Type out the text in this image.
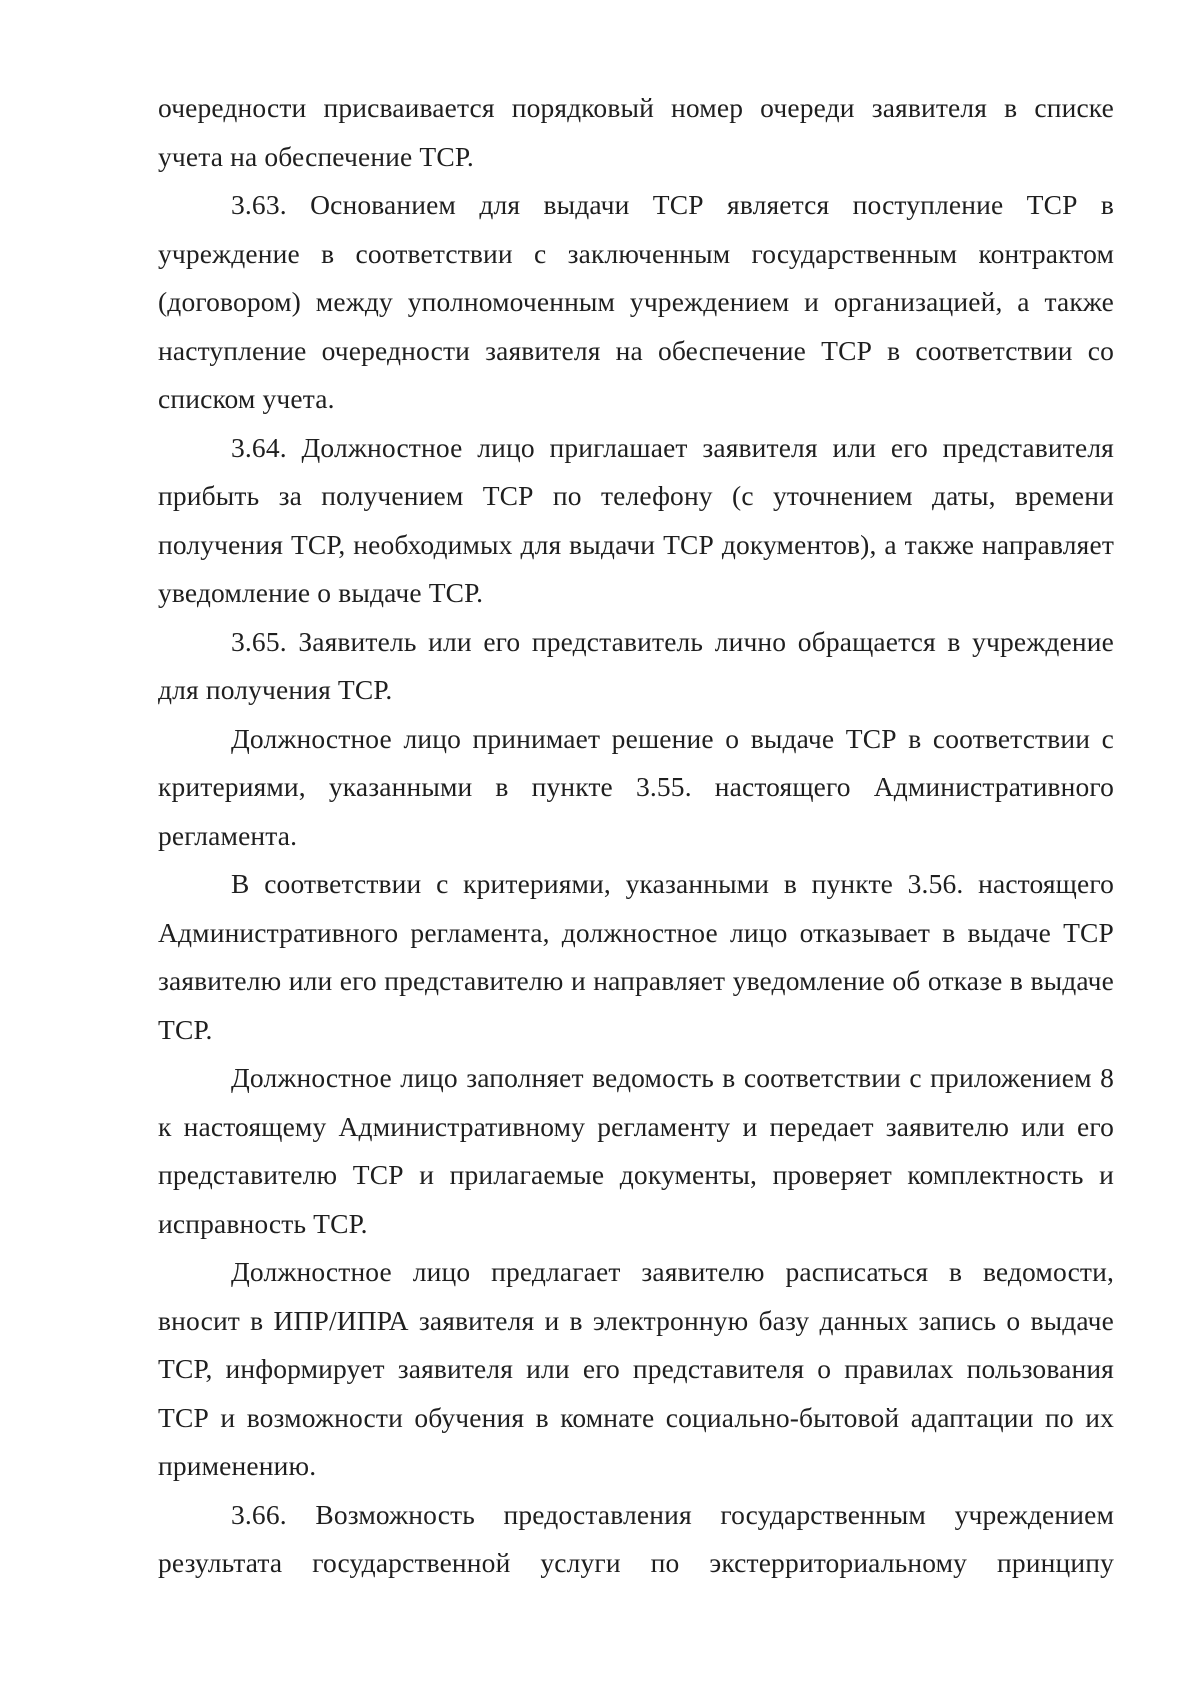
очередности присваивается порядковый номер очереди заявителя в списке учета на обеспечение ТСР.

3.63. Основанием для выдачи ТСР является поступление ТСР в учреждение в соответствии с заключенным государственным контрактом (договором) между уполномоченным учреждением и организацией, а также наступление очередности заявителя на обеспечение ТСР в соответствии со списком учета.

3.64. Должностное лицо приглашает заявителя или его представителя прибыть за получением ТСР по телефону (с уточнением даты, времени получения ТСР, необходимых для выдачи ТСР документов), а также направляет уведомление о выдаче ТСР.

3.65. Заявитель или его представитель лично обращается в учреждение для получения ТСР.

Должностное лицо принимает решение о выдаче ТСР в соответствии с критериями, указанными в пункте 3.55. настоящего Административного регламента.

В соответствии с критериями, указанными в пункте 3.56. настоящего Административного регламента, должностное лицо отказывает в выдаче ТСР заявителю или его представителю и направляет уведомление об отказе в выдаче ТСР.

Должностное лицо заполняет ведомость в соответствии с приложением 8 к настоящему Административному регламенту и передает заявителю или его представителю ТСР и прилагаемые документы, проверяет комплектность и исправность ТСР.

Должностное лицо предлагает заявителю расписаться в ведомости, вносит в ИПР/ИПРА заявителя и в электронную базу данных запись о выдаче ТСР, информирует заявителя или его представителя о правилах пользования ТСР и возможности обучения в комнате социально-бытовой адаптации по их применению.

3.66. Возможность предоставления государственным учреждением результата государственной услуги по экстерриториальному принципу
